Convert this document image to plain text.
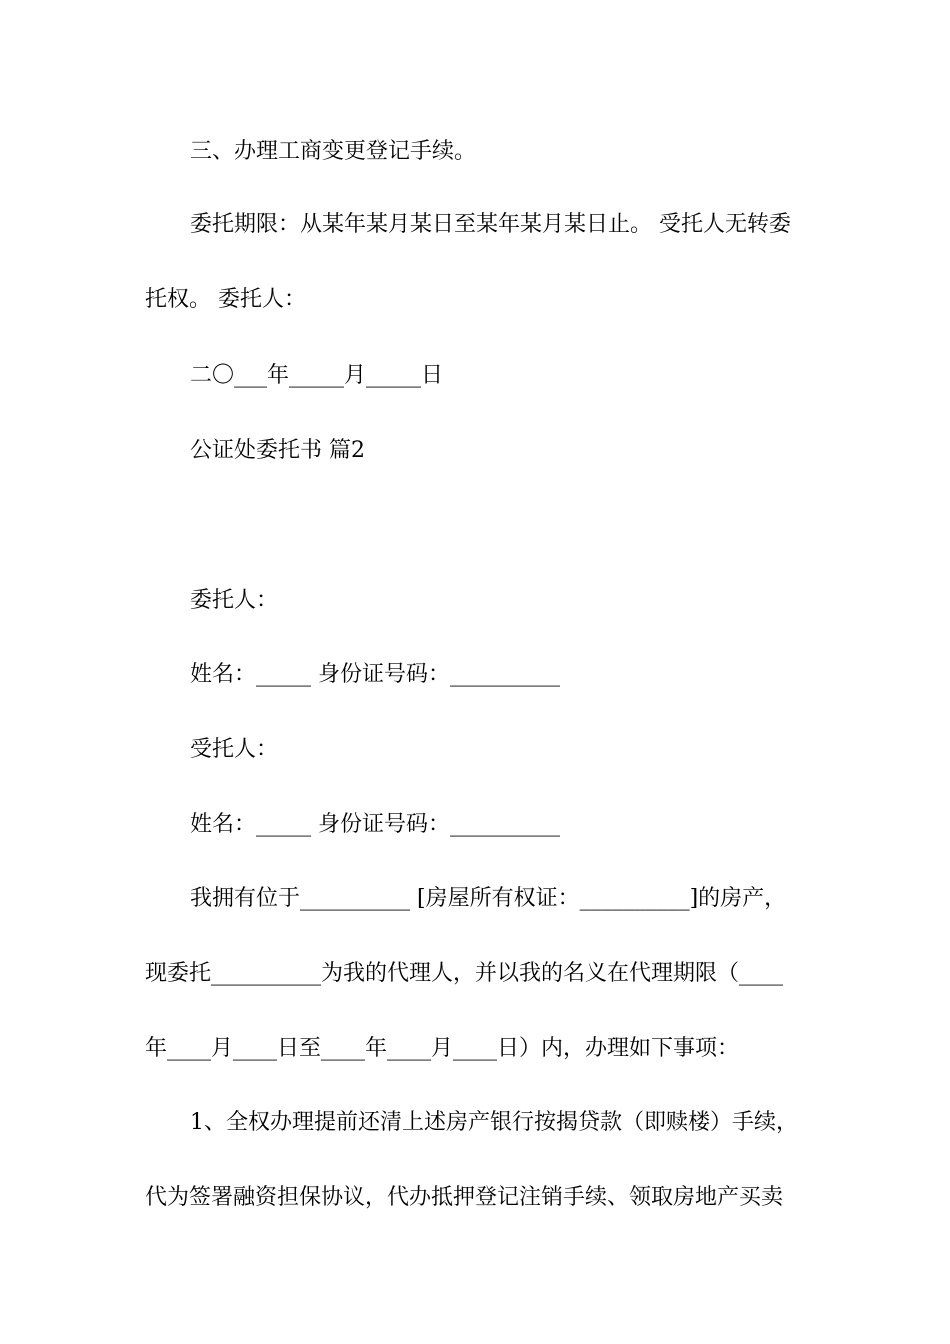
三、办理工商变更登记手续。
委托期限：从某年某月某日至某年某月某日止。 受托人无转委
托权。 委托人：
二〇___年_____月_____日
公证处委托书 篇2
委托人：
姓名：_____ 身份证号码：__________
受托人：
姓名：_____ 身份证号码：__________
我拥有位于__________ [房屋所有权证：__________]的房产，
现委托__________为我的代理人，并以我的名义在代理期限（____
年____月____日至____年____月____日）内，办理如下事项：
1、全权办理提前还清上述房产银行按揭贷款（即赎楼）手续，
代为签署融资担保协议，代办抵押登记注销手续、领取房地产买卖
